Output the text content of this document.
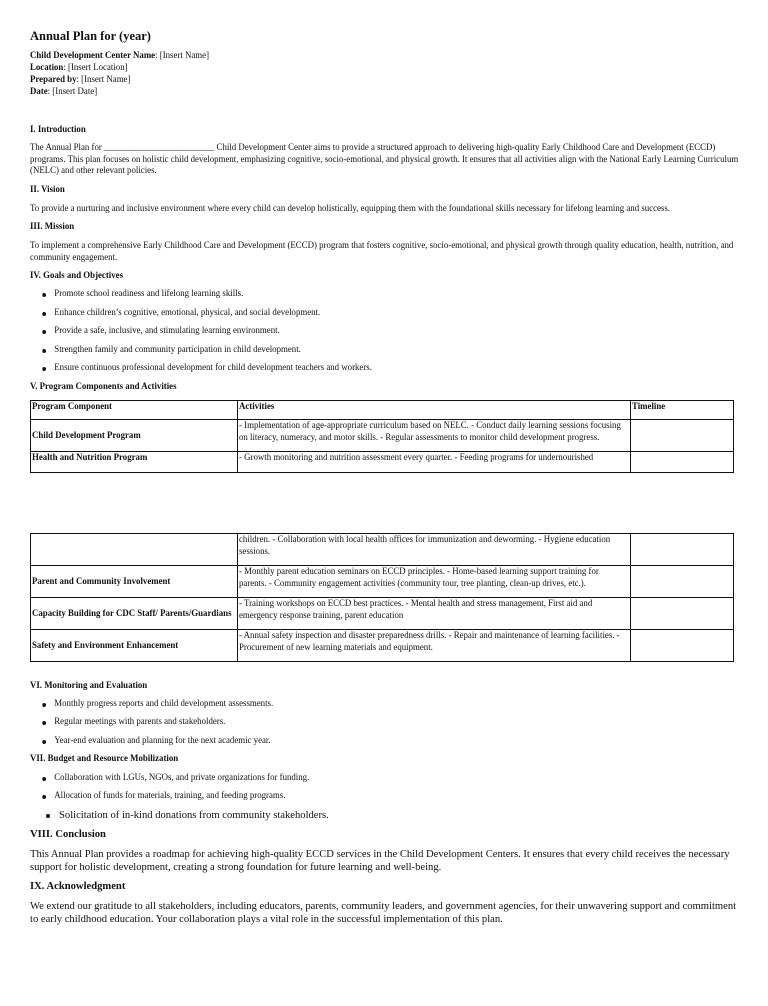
Annual Plan for (year)
Child Development Center Name: [Insert Name]
Location: [Insert Location]
Prepared by: [Insert Name]
Date: [Insert Date]
I. Introduction
The Annual Plan for _________________________ Child Development Center aims to provide a structured approach to delivering high-quality Early Childhood Care and Development (ECCD) programs. This plan focuses on holistic child development, emphasizing cognitive, socio-emotional, and physical growth. It ensures that all activities align with the National Early Learning Curriculum (NELC) and other relevant policies.
II. Vision
To provide a nurturing and inclusive environment where every child can develop holistically, equipping them with the foundational skills necessary for lifelong learning and success.
III. Mission
To implement a comprehensive Early Childhood Care and Development (ECCD) program that fosters cognitive, socio-emotional, and physical growth through quality education, health, nutrition, and community engagement.
IV. Goals and Objectives
Promote school readiness and lifelong learning skills.
Enhance children’s cognitive, emotional, physical, and social development.
Provide a safe, inclusive, and stimulating learning environment.
Strengthen family and community participation in child development.
Ensure continuous professional development for child development teachers and workers.
V. Program Components and Activities
Program Component	Activities	Timeline

Child Development Program	- Implementation of age-appropriate curriculum based on NELC. - Conduct daily learning sessions focusing on literacy, numeracy, and motor skills. - Regular assessments to monitor child development progress.	

Health and Nutrition Program	- Growth monitoring and nutrition assessment every quarter. - Feeding programs for undernourished	

	children. - Collaboration with local health offices for immunization and deworming. - Hygiene education sessions.	

Parent and Community Involvement	- Monthly parent education seminars on ECCD principles. - Home-based learning support training for parents. - Community engagement activities (community tour, tree planting, clean-up drives, etc.).	

Capacity Building for CDC Staff/ Parents/Guardians	- Training workshops on ECCD best practices. - Mental health and stress management, First aid and emergency response training, parent education	

Safety and Environment Enhancement	- Annual safety inspection and disaster preparedness drills. - Repair and maintenance of learning facilities. - Procurement of new learning materials and equipment.	

VI. Monitoring and Evaluation
Monthly progress reports and child development assessments.
Regular meetings with parents and stakeholders.
Year-end evaluation and planning for the next academic year.
VII. Budget and Resource Mobilization
Collaboration with LGUs, NGOs, and private organizations for funding.
Allocation of funds for materials, training, and feeding programs.
Solicitation of in-kind donations from community stakeholders.
VIII. Conclusion
This Annual Plan provides a roadmap for achieving high-quality ECCD services in the Child Development Centers. It ensures that every child receives the necessary support for holistic development, creating a strong foundation for future learning and well-being.
IX. Acknowledgment
We extend our gratitude to all stakeholders, including educators, parents, community leaders, and government agencies, for their unwavering support and commitment to early childhood education. Your collaboration plays a vital role in the successful implementation of this plan.
